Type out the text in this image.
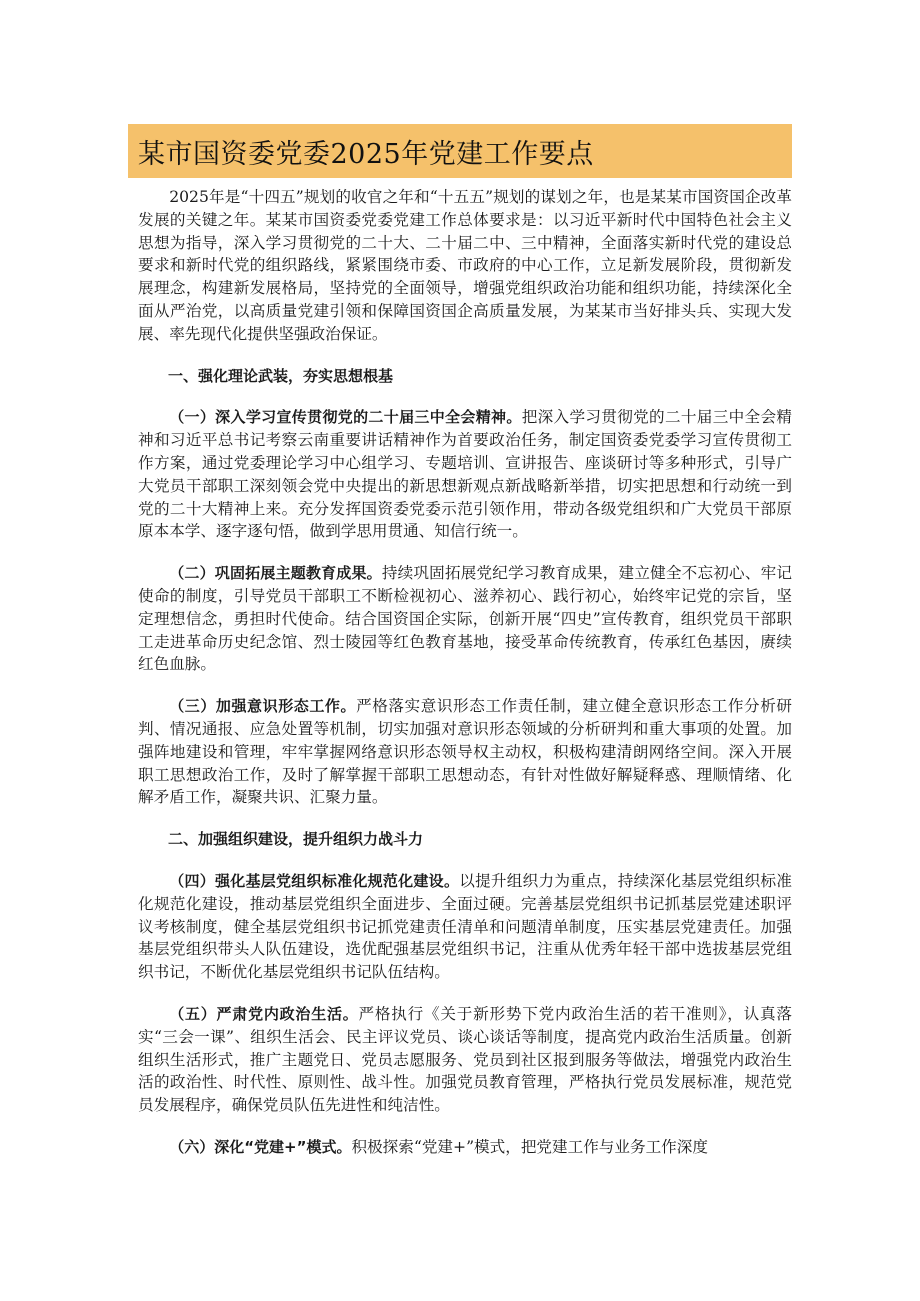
某市国资委党委2025年党建工作要点

2025年是“十四五”规划的收官之年和“十五五”规划的谋划之年，也是某某市国资国企改革发展的关键之年。某某市国资委党委党建工作总体要求是：以习近平新时代中国特色社会主义思想为指导，深入学习贯彻党的二十大、二十届二中、三中精神，全面落实新时代党的建设总要求和新时代党的组织路线，紧紧围绕市委、市政府的中心工作，立足新发展阶段，贯彻新发展理念，构建新发展格局，坚持党的全面领导，增强党组织政治功能和组织功能，持续深化全面从严治党，以高质量党建引领和保障国资国企高质量发展，为某某市当好排头兵、实现大发展、率先现代化提供坚强政治保证。

一、强化理论武装，夯实思想根基

（一）深入学习宣传贯彻党的二十届三中全会精神。把深入学习贯彻党的二十届三中全会精神和习近平总书记考察云南重要讲话精神作为首要政治任务，制定国资委党委学习宣传贯彻工作方案，通过党委理论学习中心组学习、专题培训、宣讲报告、座谈研讨等多种形式，引导广大党员干部职工深刻领会党中央提出的新思想新观点新战略新举措，切实把思想和行动统一到党的二十大精神上来。充分发挥国资委党委示范引领作用，带动各级党组织和广大党员干部原原本本学、逐字逐句悟，做到学思用贯通、知信行统一。

（二）巩固拓展主题教育成果。持续巩固拓展党纪学习教育成果，建立健全不忘初心、牢记使命的制度，引导党员干部职工不断检视初心、滋养初心、践行初心，始终牢记党的宗旨，坚定理想信念，勇担时代使命。结合国资国企实际，创新开展“四史”宣传教育，组织党员干部职工走进革命历史纪念馆、烈士陵园等红色教育基地，接受革命传统教育，传承红色基因，赓续红色血脉。

（三）加强意识形态工作。严格落实意识形态工作责任制，建立健全意识形态工作分析研判、情况通报、应急处置等机制，切实加强对意识形态领域的分析研判和重大事项的处置。加强阵地建设和管理，牢牢掌握网络意识形态领导权主动权，积极构建清朗网络空间。深入开展职工思想政治工作，及时了解掌握干部职工思想动态，有针对性做好解疑释惑、理顺情绪、化解矛盾工作，凝聚共识、汇聚力量。

二、加强组织建设，提升组织力战斗力

（四）强化基层党组织标准化规范化建设。以提升组织力为重点，持续深化基层党组织标准化规范化建设，推动基层党组织全面进步、全面过硬。完善基层党组织书记抓基层党建述职评议考核制度，健全基层党组织书记抓党建责任清单和问题清单制度，压实基层党建责任。加强基层党组织带头人队伍建设，选优配强基层党组织书记，注重从优秀年轻干部中选拔基层党组织书记，不断优化基层党组织书记队伍结构。

（五）严肃党内政治生活。严格执行《关于新形势下党内政治生活的若干准则》，认真落实“三会一课”、组织生活会、民主评议党员、谈心谈话等制度，提高党内政治生活质量。创新组织生活形式，推广主题党日、党员志愿服务、党员到社区报到服务等做法，增强党内政治生活的政治性、时代性、原则性、战斗性。加强党员教育管理，严格执行党员发展标准，规范党员发展程序，确保党员队伍先进性和纯洁性。

（六）深化“党建+”模式。积极探索“党建+”模式，把党建工作与业务工作深度
